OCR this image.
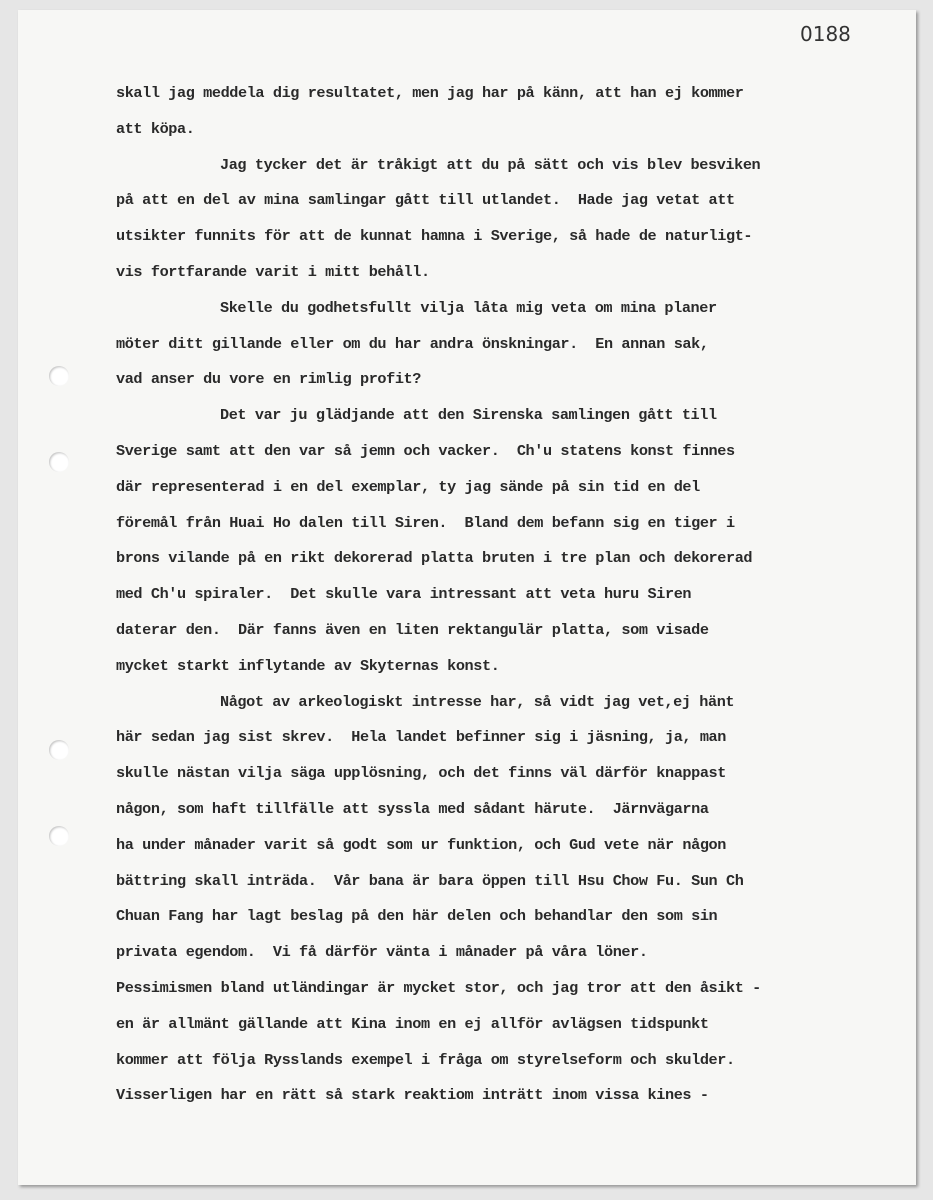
0188
skall jag meddela dig resultatet, men jag har på känn, att han ej kommer
att köpa.
Jag tycker det är tråkigt att du på sätt och vis blev besviken
på att en del av mina samlingar gått till utlandet.  Hade jag vetat att
utsikter funnits för att de kunnat hamna i Sverige, så hade de naturligt-
vis fortfarande varit i mitt behåll.
Skelle du godhetsfullt vilja låta mig veta om mina planer
möter ditt gillande eller om du har andra önskningar.  En annan sak,
vad anser du vore en rimlig profit?
Det var ju glädjande att den Sirenska samlingen gått till
Sverige samt att den var så jemn och vacker.  Ch'u statens konst finnes
där representerad i en del exemplar, ty jag sände på sin tid en del
föremål från Huai Ho dalen till Siren.  Bland dem befann sig en tiger i
brons vilande på en rikt dekorerad platta bruten i tre plan och dekorerad
med Ch'u spiraler.  Det skulle vara intressant att veta huru Siren
daterar den.  Där fanns även en liten rektangulär platta, som visade
mycket starkt inflytande av Skyternas konst.
Något av arkeologiskt intresse har, så vidt jag vet,ej hänt
här sedan jag sist skrev.  Hela landet befinner sig i jäsning, ja, man
skulle nästan vilja säga upplösning, och det finns väl därför knappast
någon, som haft tillfälle att syssla med sådant härute.  Järnvägarna
ha under månader varit så godt som ur funktion, och Gud vete när någon
bättring skall inträda.  Vår bana är bara öppen till Hsu Chow Fu. Sun Ch
Chuan Fang har lagt beslag på den här delen och behandlar den som sin
privata egendom.  Vi få därför vänta i månader på våra löner.
Pessimismen bland utländingar är mycket stor, och jag tror att den åsikt -
en är allmänt gällande att Kina inom en ej allför avlägsen tidspunkt
kommer att följa Rysslands exempel i fråga om styrelseform och skulder.
Visserligen har en rätt så stark reaktiom inträtt inom vissa kines -
